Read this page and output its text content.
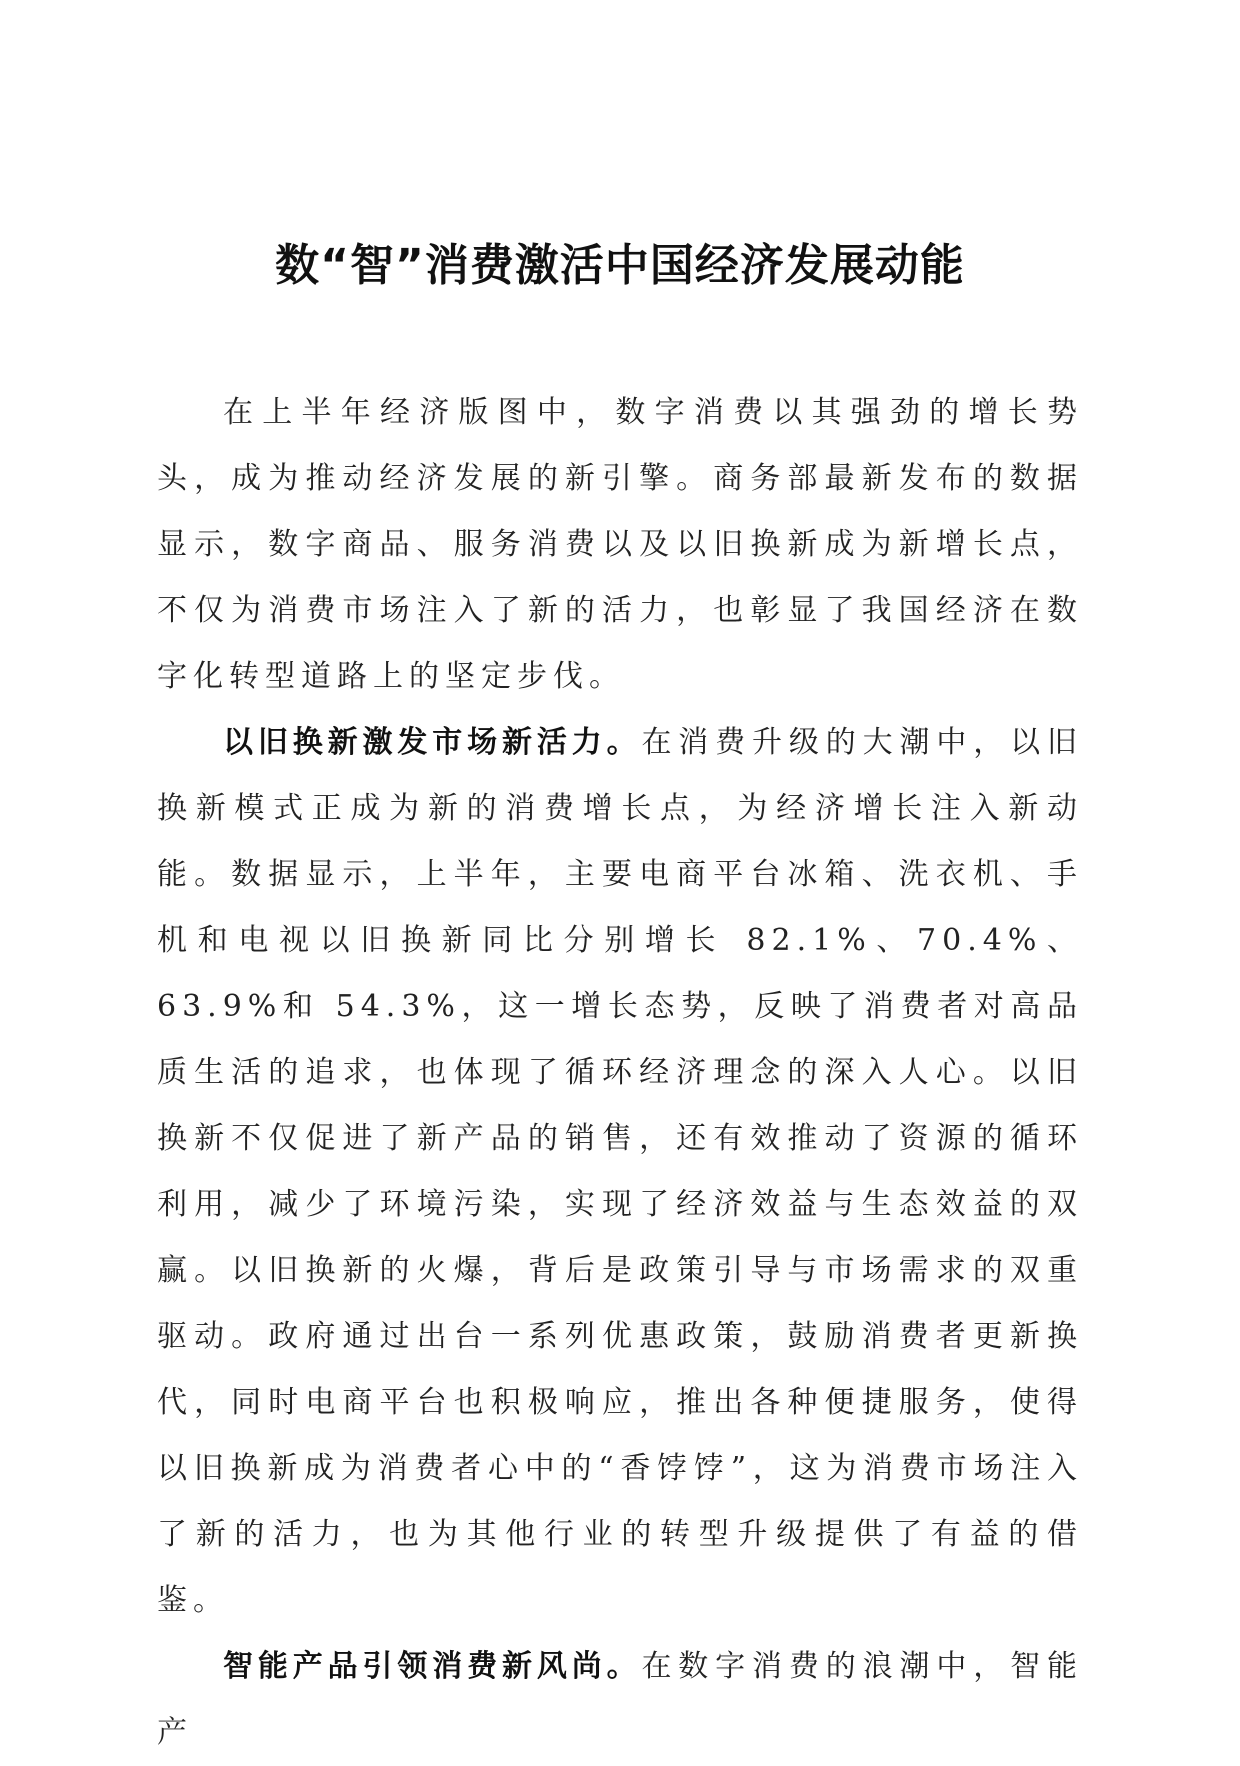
数“智”消费激活中国经济发展动能

在上半年经济版图中，数字消费以其强劲的增长势头，成为推动经济发展的新引擎。商务部最新发布的数据显示，数字商品、服务消费以及以旧换新成为新增长点，不仅为消费市场注入了新的活力，也彰显了我国经济在数字化转型道路上的坚定步伐。

以旧换新激发市场新活力。在消费升级的大潮中，以旧换新模式正成为新的消费增长点，为经济增长注入新动能。数据显示，上半年，主要电商平台冰箱、洗衣机、手机和电视以旧换新同比分别增长 82.1%、70.4%、63.9%和 54.3%，这一增长态势，反映了消费者对高品质生活的追求，也体现了循环经济理念的深入人心。以旧换新不仅促进了新产品的销售，还有效推动了资源的循环利用，减少了环境污染，实现了经济效益与生态效益的双赢。以旧换新的火爆，背后是政策引导与市场需求的双重驱动。政府通过出台一系列优惠政策，鼓励消费者更新换代，同时电商平台也积极响应，推出各种便捷服务，使得以旧换新成为消费者心中的“香饽饽”，这为消费市场注入了新的活力，也为其他行业的转型升级提供了有益的借鉴。

智能产品引领消费新风尚。在数字消费的浪潮中，智能产
